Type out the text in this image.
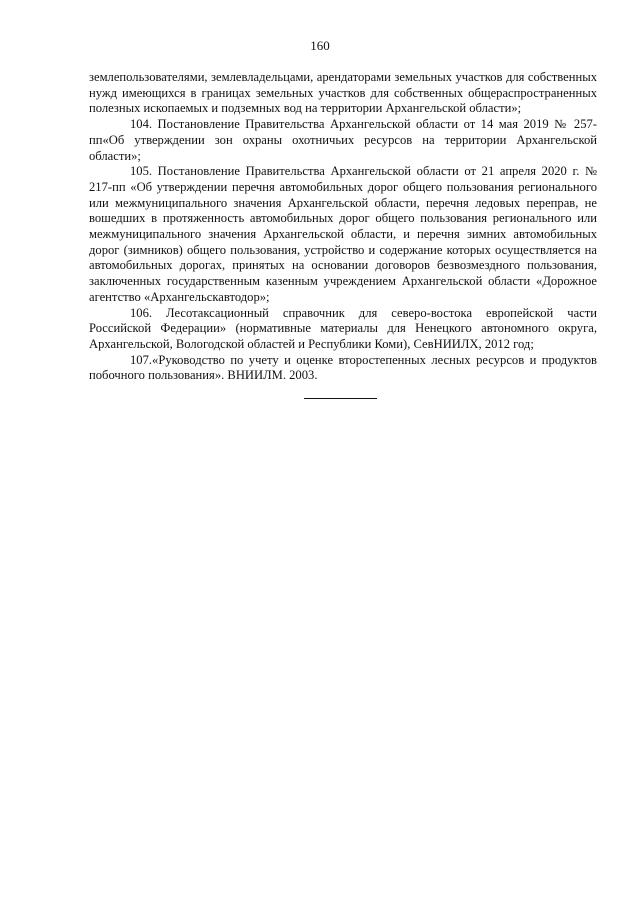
160

землепользователями, землевладельцами, арендаторами земельных участков для собственных нужд имеющихся в границах земельных участков для собственных общераспространенных полезных ископаемых и подземных вод на территории Архангельской области»;

104. Постановление Правительства Архангельской области от 14 мая 2019 № 257-пп«Об утверждении зон охраны охотничьих ресурсов на территории Архангельской области»;

105. Постановление Правительства Архангельской области от 21 апреля 2020 г. № 217-пп «Об утверждении перечня автомобильных дорог общего пользования регионального или межмуниципального значения Архангельской области, перечня ледовых переправ, не вошедших в протяженность автомобильных дорог общего пользования регионального или межмуниципального значения Архангельской области, и перечня зимних автомобильных дорог (зимников) общего пользования, устройство и содержание которых осуществляется на автомобильных дорогах, принятых на основании договоров безвозмездного пользования, заключенных государственным казенным учреждением Архангельской области «Дорожное агентство «Архангельскавтодор»;

106. Лесотаксационный справочник для северо-востока европейской части Российской Федерации» (нормативные материалы для Ненецкого автономного округа, Архангельской, Вологодской областей и Республики Коми), СевНИИЛХ, 2012 год;

107.«Руководство по учету и оценке второстепенных лесных ресурсов и продуктов побочного пользования». ВНИИЛМ. 2003.
